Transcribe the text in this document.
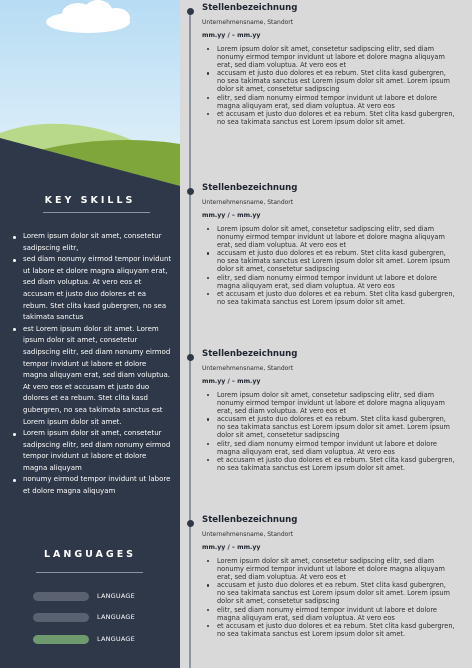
KEY SKILLS
Lorem ipsum dolor sit amet, consetetur sadipscing elitr,
sed diam nonumy eirmod tempor invidunt ut labore et dolore magna aliquyam erat, sed diam voluptua. At vero eos et accusam et justo duo dolores et ea rebum. Stet clita kasd gubergren, no sea takimata sanctus
est Lorem ipsum dolor sit amet. Lorem ipsum dolor sit amet, consetetur sadipscing elitr, sed diam nonumy eirmod tempor invidunt ut labore et dolore magna aliquyam erat, sed diam voluptua. At vero eos et accusam et justo duo dolores et ea rebum. Stet clita kasd gubergren, no sea takimata sanctus est Lorem ipsum dolor sit amet.
Lorem ipsum dolor sit amet, consetetur sadipscing elitr, sed diam nonumy eirmod tempor invidunt ut labore et dolore magna aliquyam
nonumy eirmod tempor invidunt ut labore et dolore magna aliquyam
LANGUAGES
LANGUAGE
LANGUAGE
LANGUAGE
Stellenbezeichnung
Unternehmensname, Standort
mm.yy / – mm.yy
Lorem ipsum dolor sit amet, consetetur sadipscing elitr, sed diam nonumy eirmod tempor invidunt ut labore et dolore magna aliquyam erat, sed diam voluptua. At vero eos et
accusam et justo duo dolores et ea rebum. Stet clita kasd gubergren, no sea takimata sanctus est Lorem ipsum dolor sit amet. Lorem ipsum dolor sit amet, consetetur sadipscing
elitr, sed diam nonumy eirmod tempor invidunt ut labore et dolore magna aliquyam erat, sed diam voluptua. At vero eos
et accusam et justo duo dolores et ea rebum. Stet clita kasd gubergren, no sea takimata sanctus est Lorem ipsum dolor sit amet.
Stellenbezeichnung
Unternehmensname, Standort
mm.yy / – mm.yy
Lorem ipsum dolor sit amet, consetetur sadipscing elitr, sed diam nonumy eirmod tempor invidunt ut labore et dolore magna aliquyam erat, sed diam voluptua. At vero eos et
accusam et justo duo dolores et ea rebum. Stet clita kasd gubergren, no sea takimata sanctus est Lorem ipsum dolor sit amet. Lorem ipsum dolor sit amet, consetetur sadipscing
elitr, sed diam nonumy eirmod tempor invidunt ut labore et dolore magna aliquyam erat, sed diam voluptua. At vero eos
et accusam et justo duo dolores et ea rebum. Stet clita kasd gubergren, no sea takimata sanctus est Lorem ipsum dolor sit amet.
Stellenbezeichnung
Unternehmensname, Standort
mm.yy / – mm.yy
Lorem ipsum dolor sit amet, consetetur sadipscing elitr, sed diam nonumy eirmod tempor invidunt ut labore et dolore magna aliquyam erat, sed diam voluptua. At vero eos et
accusam et justo duo dolores et ea rebum. Stet clita kasd gubergren, no sea takimata sanctus est Lorem ipsum dolor sit amet. Lorem ipsum dolor sit amet, consetetur sadipscing
elitr, sed diam nonumy eirmod tempor invidunt ut labore et dolore magna aliquyam erat, sed diam voluptua. At vero eos
et accusam et justo duo dolores et ea rebum. Stet clita kasd gubergren, no sea takimata sanctus est Lorem ipsum dolor sit amet.
Stellenbezeichnung
Unternehmensname, Standort
mm.yy / – mm.yy
Lorem ipsum dolor sit amet, consetetur sadipscing elitr, sed diam nonumy eirmod tempor invidunt ut labore et dolore magna aliquyam erat, sed diam voluptua. At vero eos et
accusam et justo duo dolores et ea rebum. Stet clita kasd gubergren, no sea takimata sanctus est Lorem ipsum dolor sit amet. Lorem ipsum dolor sit amet, consetetur sadipscing
elitr, sed diam nonumy eirmod tempor invidunt ut labore et dolore magna aliquyam erat, sed diam voluptua. At vero eos
et accusam et justo duo dolores et ea rebum. Stet clita kasd gubergren, no sea takimata sanctus est Lorem ipsum dolor sit amet.
